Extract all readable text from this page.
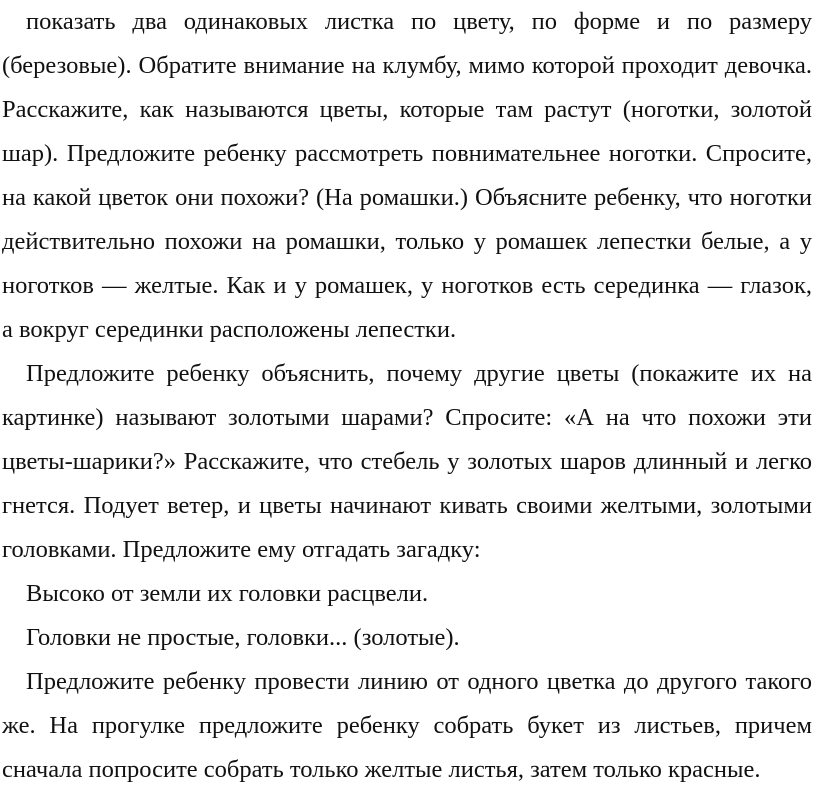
показать два одинаковых листка по цвету, по форме и по размеру
(березовые). Обратите внимание на клумбу, мимо которой проходит девочка.
Расскажите, как называются цветы, которые там растут (ноготки, золотой
шар). Предложите ребенку рассмотреть повнимательнее ноготки. Спросите,
на какой цветок они похожи? (На ромашки.) Объясните ребенку, что ноготки
действительно похожи на ромашки, только у ромашек лепестки белые, а у
ноготков — желтые. Как и у ромашек, у ноготков есть серединка — глазок,
а вокруг серединки расположены лепестки.
Предложите ребенку объяснить, почему другие цветы (покажите их на
картинке) называют золотыми шарами? Спросите: «А на что похожи эти
цветы-шарики?» Расскажите, что стебель у золотых шаров длинный и легко
гнется. Подует ветер, и цветы начинают кивать своими желтыми, золотыми
головками. Предложите ему отгадать загадку:
Высоко от земли их головки расцвели.
Головки не простые, головки... (золотые).
Предложите ребенку провести линию от одного цветка до другого такого
же. На прогулке предложите ребенку собрать букет из листьев, причем
сначала попросите собрать только желтые листья, затем только красные.
